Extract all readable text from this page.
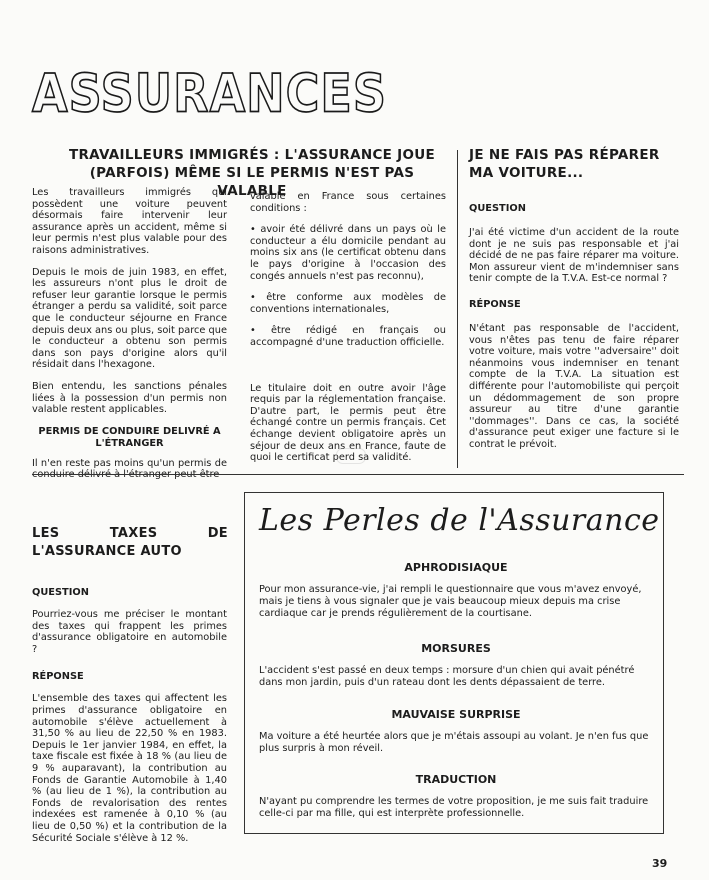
ASSURANCES
TRAVAILLEURS IMMIGRÉS : L'ASSURANCE JOUE
(PARFOIS) MÊME SI LE PERMIS N'EST PAS VALABLE

Les travailleurs immigrés qui possèdent une voiture peuvent désormais faire intervenir leur assurance après un accident, même si leur permis n'est plus valable pour des raisons administratives.

Depuis le mois de juin 1983, en effet, les assureurs n'ont plus le droit de refuser leur garantie lorsque le permis étranger a perdu sa validité, soit parce que le conducteur séjourne en France depuis deux ans ou plus, soit parce que le conducteur a obtenu son permis dans son pays d'origine alors qu'il résidait dans l'hexagone.

Bien entendu, les sanctions pénales liées à la possession d'un permis non valable restent applicables.

PERMIS DE CONDUIRE DELIVRÉ A L'ÉTRANGER

Il n'en reste pas moins qu'un permis de

valable en France sous certaines conditions :

• avoir été délivré dans un pays où le conducteur a élu domicile pendant au moins six ans (le certificat obtenu dans le pays d'origine à l'occasion des congés annuels n'est pas reconnu),

• être conforme aux modèles de conventions internationales,

• être rédigé en français ou accompagné d'une traduction officielle.

Le titulaire doit en outre avoir l'âge requis par la réglementation française. D'autre part, le permis peut être échangé contre un permis français. Cet échange devient obligatoire après un séjour de deux ans en France, faute de quoi le certificat perd sa validité.

JE NE FAIS PAS RÉPARER
MA VOITURE...
QUESTION

J'ai été victime d'un accident de la route dont je ne suis pas responsable et j'ai décidé de ne pas faire réparer ma voiture. Mon assureur vient de m'indemniser sans tenir compte de la T.V.A. Est-ce normal ?

RÉPONSE

N'étant pas responsable de l'accident, vous n'êtes pas tenu de faire réparer votre voiture, mais votre ''adversaire'' doit néanmoins vous indemniser en tenant compte de la T.V.A. La situation est différente pour l'automobiliste qui perçoit un dédommagement de son propre assureur au titre d'une garantie ''dommages''. Dans ce cas, la société d'assurance peut exiger une facture si le contrat le prévoit.

LES TAXES DE
L'ASSURANCE AUTO
QUESTION

Pourriez-vous me préciser le montant des taxes qui frappent les primes d'assurance obligatoire en automobile ?

RÉPONSE

L'ensemble des taxes qui affectent les primes d'assurance obligatoire en automobile s'élève actuellement à 31,50 % au lieu de 22,50 % en 1983. Depuis le 1er janvier 1984, en effet, la taxe fiscale est fixée à 18 % (au lieu de 9 % auparavant), la contribution au Fonds de Garantie Automobile à 1,40 % (au lieu de 1 %), la contribution au Fonds de revalorisation des rentes indexées est ramenée à 0,10 % (au lieu de 0,50 %) et la contribution de la Sécurité Sociale s'élève à 12 %.

Les Perles de l'Assurance
APHRODISIAQUE
Pour mon assurance-vie, j'ai rempli le questionnaire que vous m'avez envoyé, mais je tiens à vous signaler que je vais beaucoup mieux depuis ma crise cardiaque car je prends régulièrement de la courtisane.
MORSURES
L'accident s'est passé en deux temps : morsure d'un chien qui avait pénétré dans mon jardin, puis d'un rateau dont les dents dépassaient de terre.
MAUVAISE SURPRISE
Ma voiture a été heurtée alors que je m'étais assoupi au volant. Je n'en fus que plus surpris à mon réveil.
TRADUCTION
N'ayant pu comprendre les termes de votre proposition, je me suis fait traduire celle-ci par ma fille, qui est interprète professionnelle.
39
